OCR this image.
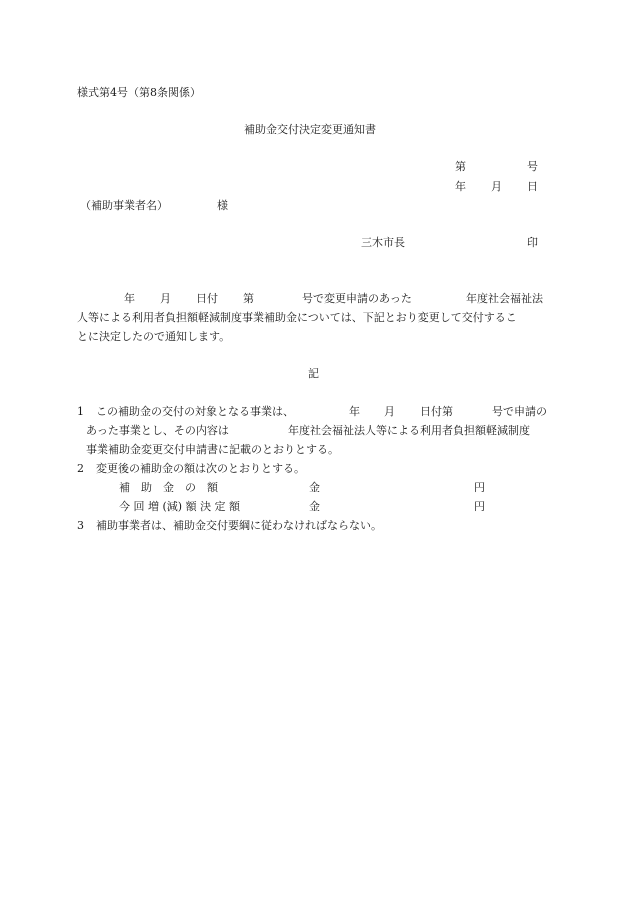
様式第4号（第8条関係）
補助金交付決定変更通知書
第	号
年 月 日
（補助事業者名）	様
三木市長	印
年 月 日付 第	号で変更申請のあった	年度社会福祉法
人等による利用者負担額軽減制度事業補助金については、下記とおり変更して交付するこ
とに決定したので通知します。
記
1 この補助金の交付の対象となる事業は、	年 月 日付第	号で申請の
あった事業とし、その内容は	年度社会福祉法人等による利用者負担額軽減制度
事業補助金変更交付申請書に記載のとおりとする。
2 変更後の補助金の額は次のとおりとする。
補　助　金　の　額	金	円
今 回 増 (減) 額 決 定 額	金	円
3 補助事業者は、補助金交付要綱に従わなければならない。
